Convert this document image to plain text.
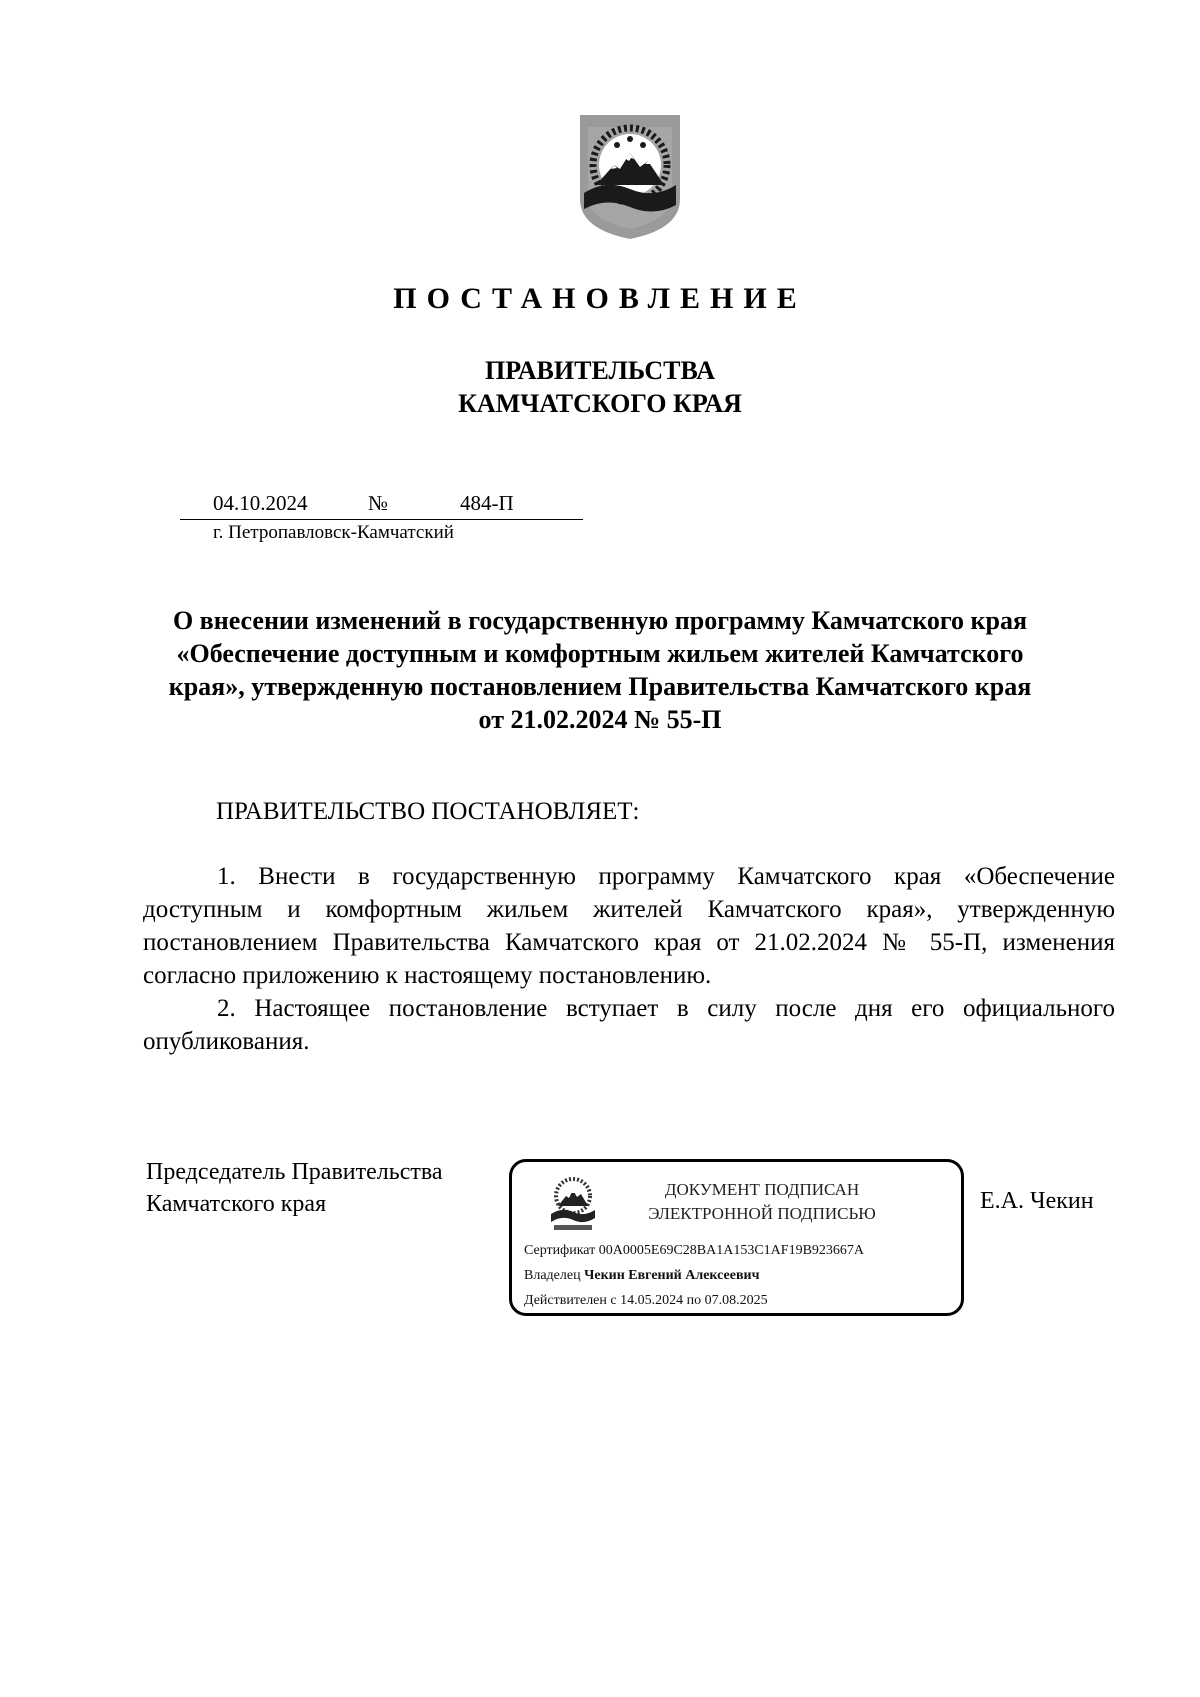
ПОСТАНОВЛЕНИЕ
ПРАВИТЕЛЬСТВА
КАМЧАТСКОГО КРАЯ
04.10.2024	№	484-П
г. Петропавловск-Камчатский
О внесении изменений в государственную программу Камчатского края
«Обеспечение доступным и комфортным жильем жителей Камчатского
края», утвержденную постановлением Правительства Камчатского края
от 21.02.2024 № 55-П
ПРАВИТЕЛЬСТВО ПОСТАНОВЛЯЕТ:

1. Внести в государственную программу Камчатского края «Обеспечение доступным и комфортным жильем жителей Камчатского края», утвержденную постановлением Правительства Камчатского края от 21.02.2024 № 55-П, изменения согласно приложению к настоящему постановлению.

2. Настоящее постановление вступает в силу после дня его официального опубликования.

Председатель Правительства
Камчатского края	Е.А. Чекин
ДОКУМЕНТ ПОДПИСАН
ЭЛЕКТРОННОЙ ПОДПИСЬЮ
Сертификат 00A0005E69C28BA1A153C1AF19B923667A
Владелец Чекин Евгений Алексеевич
Действителен с 14.05.2024 по 07.08.2025
